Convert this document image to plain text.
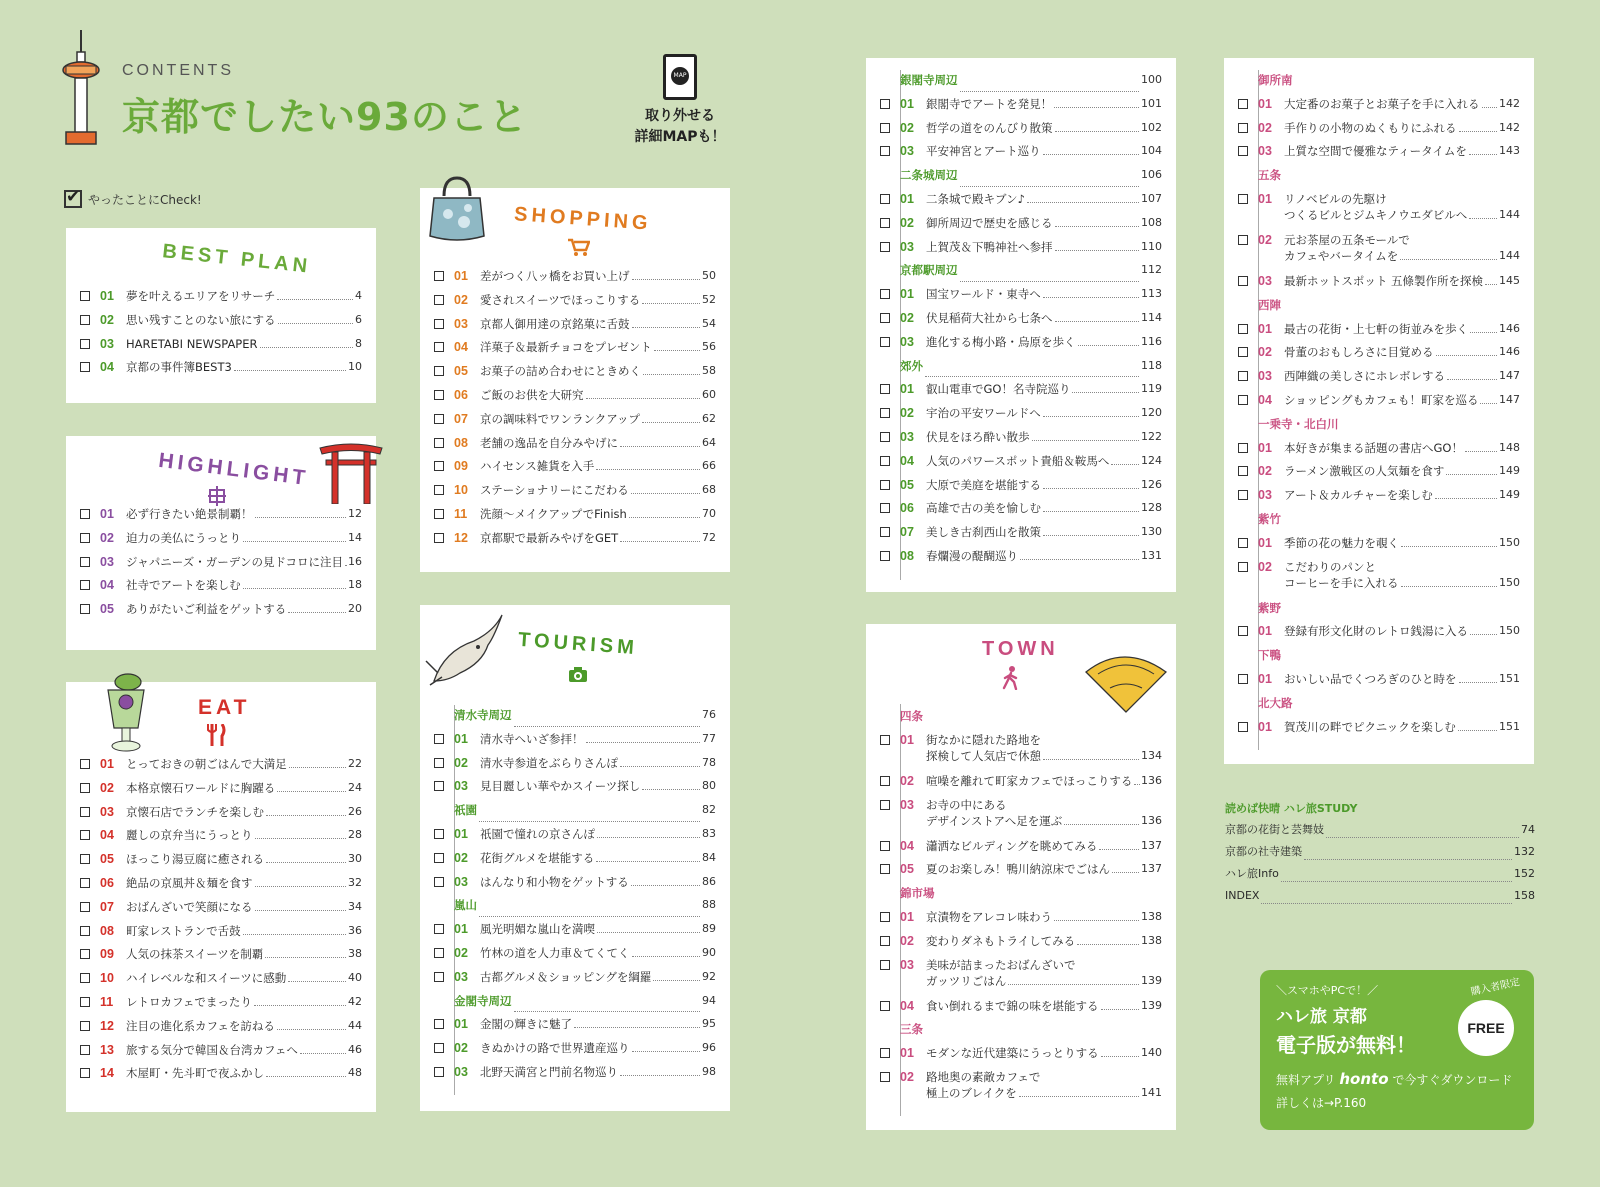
CONTENTS
京都でしたい93のこと
MAP
取り外せる
詳細MAPも！
✔
やったことにCheck!
BEST PLAN
01	夢を叶えるエリアをリサーチ	4
02	思い残すことのない旅にする	6
03	HARETABI NEWSPAPER	8
04	京都の事件簿BEST3	10
HIGHLIGHT
01	必ず行きたい絶景制覇！	12
02	迫力の美仏にうっとり	14
03	ジャパニーズ・ガーデンの見ドコロに注目 16
04	社寺でアートを楽しむ	18
05	ありがたいご利益をゲットする	20
EAT
01	とっておきの朝ごはんで大満足	22
02	本格京懐石ワールドに胸躍る	24
03	京懐石店でランチを楽しむ	26
04	麗しの京弁当にうっとり	28
05	ほっこり湯豆腐に癒される	30
06	絶品の京風丼＆麺を食す	32
07	おばんざいで笑顔になる	34
08	町家レストランで舌鼓	36
09	人気の抹茶スイーツを制覇	38
10	ハイレベルな和スイーツに感動	40
11	レトロカフェでまったり	42
12	注目の進化系カフェを訪ねる	44
13	旅する気分で韓国＆台湾カフェへ	46
14	木屋町・先斗町で夜ふかし	48
SHOPPING
01	差がつく八ッ橋をお買い上げ	50
02	愛されスイーツでほっこりする	52
03	京都人御用達の京銘菓に舌鼓	54
04	洋菓子＆最新チョコをプレゼント	56
05	お菓子の詰め合わせにときめく	58
06	ご飯のお供を大研究	60
07	京の調味料でワンランクアップ	62
08	老舗の逸品を自分みやげに	64
09	ハイセンス雑貨を入手	66
10	ステーショナリーにこだわる	68
11	洗顔～メイクアップでFinish	70
12	京都駅で最新みやげをGET	72
TOURISM
清水寺周辺	76
01	清水寺へいざ参拝！	77
02	清水寺参道をぶらりさんぽ	78
03	見目麗しい華やかスイーツ探し	80
祇園	82
01	祇園で憧れの京さんぽ	83
02	花街グルメを堪能する	84
03	はんなり和小物をゲットする	86
嵐山	88
01	風光明媚な嵐山を満喫	89
02	竹林の道を人力車＆てくてく	90
03	古都グルメ＆ショッピングを綱羅	92
金閣寺周辺	94
01	金閣の輝きに魅了	95
02	きぬかけの路で世界遺産巡り	96
03	北野天満宮と門前名物巡り	98
銀閣寺周辺	100
01	銀閣寺でアートを発見！	101
02	哲学の道をのんびり散策	102
03	平安神宮とアート巡り	104
二条城周辺	106
01	二条城で殿キブン♪	107
02	御所周辺で歴史を感じる	108
03	上賀茂＆下鴨神社へ参拝	110
京都駅周辺	112
01	国宝ワールド・東寺へ	113
02	伏見稲荷大社から七条へ	114
03	進化する梅小路・烏原を歩く	116
郊外	118
01	叡山電車でGO！名寺院巡り	119
02	宇治の平安ワールドへ	120
03	伏見をほろ酔い散歩	122
04	人気のパワースポット貴船＆鞍馬へ	124
05	大原で美庭を堪能する	126
06	高雄で古の美を愉しむ	128
07	美しき古刹西山を散策	130
08	春爛漫の醍醐巡り	131
TOWN
四条
01	街なかに隠れた路地を
探検して人気店で休憩	134
02	喧噪を離れて町家カフェでほっこりする 136
03	お寺の中にある
デザインストアへ足を運ぶ	136
04	瀟洒なビルディングを眺めてみる	137
05	夏のお楽しみ！鴨川納涼床でごはん	137
錦市場
01	京漬物をアレコレ味わう	138
02	変わりダネもトライしてみる	138
03	美味が詰まったおばんざいで
ガッツリごはん	139
04	食い倒れるまで錦の味を堪能する	139
三条
01	モダンな近代建築にうっとりする	140
02	路地奥の素敵カフェで
極上のブレイクを	141
御所南
01	大定番のお菓子とお菓子を手に入れる 142
02	手作りの小物のぬくもりにふれる	142
03	上質な空間で優雅なティータイムを	143
五条
01	リノベビルの先駆け
つくるビルとジムキノウエダビルへ	144
02	元お茶屋の五条モールで
カフェやバータイムを	144
03	最新ホットスポット 五條製作所を探検 145
西陣
01	最古の花街・上七軒の街並みを歩く	146
02	骨董のおもしろさに目覚める	146
03	西陣織の美しさにホレボレする	147
04	ショッピングもカフェも！町家を巡る 147
一乗寺・北白川
01	本好きが集まる話題の書店へGO！	148
02	ラーメン激戦区の人気麺を食す	149
03	アート＆カルチャーを楽しむ	149
紫竹
01	季節の花の魅力を覗く	150
02	こだわりのパンと
コーヒーを手に入れる	150
紫野
01	登録有形文化財のレトロ銭湯に入る	150
下鴨
01	おいしい品でくつろぎのひと時を	151
北大路
01	賀茂川の畔でピクニックを楽しむ	151
読めば快晴 ハレ旅STUDY
京都の花街と芸舞妓	74
京都の社寺建築	132
ハレ旅Info	152
INDEX	158
＼スマホやPCで！／	購入者限定
ハレ旅 京都
電子版が無料！
FREE
無料アプリ honto で今すぐダウンロード
詳しくは→P.160
